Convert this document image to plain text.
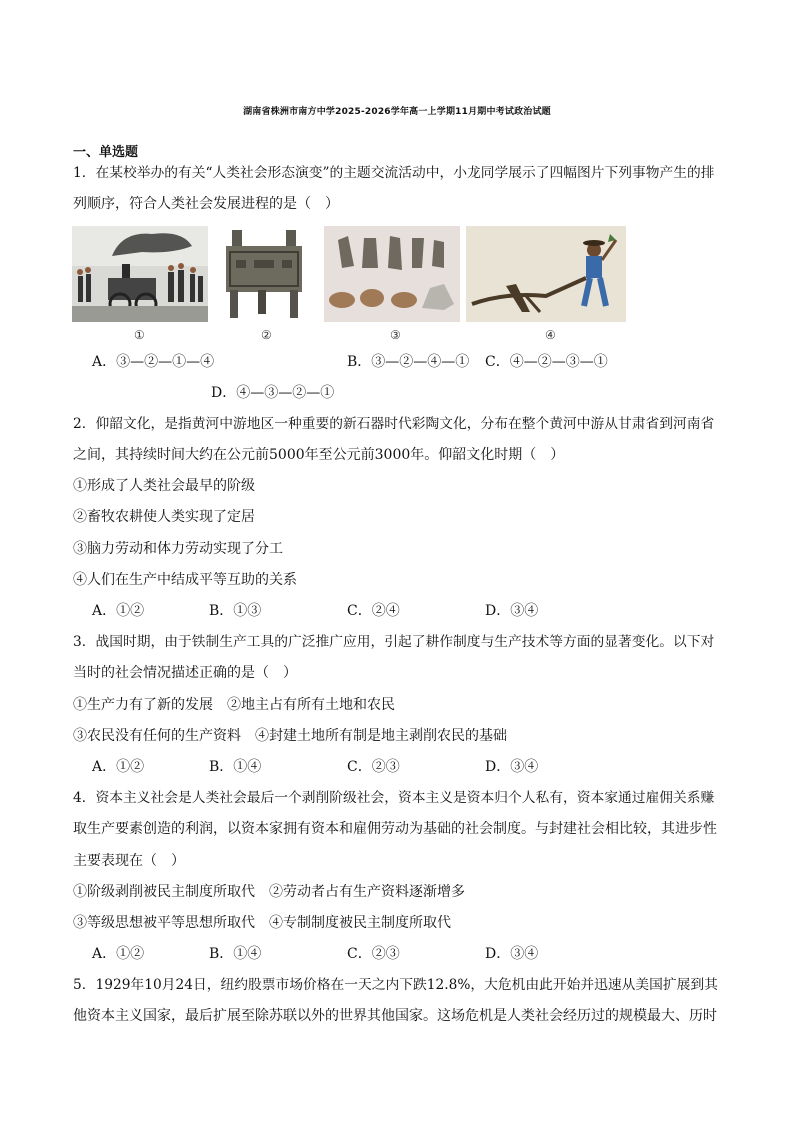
湖南省株洲市南方中学2025-2026学年高一上学期11月期中考试政治试题
一、单选题
1．在某校举办的有关“人类社会形态演变”的主题交流活动中，小龙同学展示了四幅图片下列事物产生的排
列顺序，符合人类社会发展进程的是（　）
①	②	③	④
A．③—②—①—④	B．③—②—④—① C．④—②—③—①
D．④—③—②—①
2．仰韶文化，是指黄河中游地区一种重要的新石器时代彩陶文化，分布在整个黄河中游从甘肃省到河南省
之间，其持续时间大约在公元前5000年至公元前3000年。仰韶文化时期（　）
①形成了人类社会最早的阶级
②畜牧农耕使人类实现了定居
③脑力劳动和体力劳动实现了分工
④人们在生产中结成平等互助的关系
A．①②	B．①③	C．②④	D．③④
3．战国时期，由于铁制生产工具的广泛推广应用，引起了耕作制度与生产技术等方面的显著变化。以下对
当时的社会情况描述正确的是（　）
①生产力有了新的发展　②地主占有所有土地和农民
③农民没有任何的生产资料　④封建土地所有制是地主剥削农民的基础
A．①②	B．①④	C．②③	D．③④
4．资本主义社会是人类社会最后一个剥削阶级社会，资本主义是资本归个人私有，资本家通过雇佣关系赚
取生产要素创造的利润，以资本家拥有资本和雇佣劳动为基础的社会制度。与封建社会相比较，其进步性
主要表现在（　）
①阶级剥削被民主制度所取代　②劳动者占有生产资料逐渐增多
③等级思想被平等思想所取代　④专制制度被民主制度所取代
A．①②	B．①④	C．②③	D．③④
5．1929年10月24日，纽约股票市场价格在一天之内下跌12.8%，大危机由此开始并迅速从美国扩展到其
他资本主义国家，最后扩展至除苏联以外的世界其他国家。这场危机是人类社会经历过的规模最大、历时
